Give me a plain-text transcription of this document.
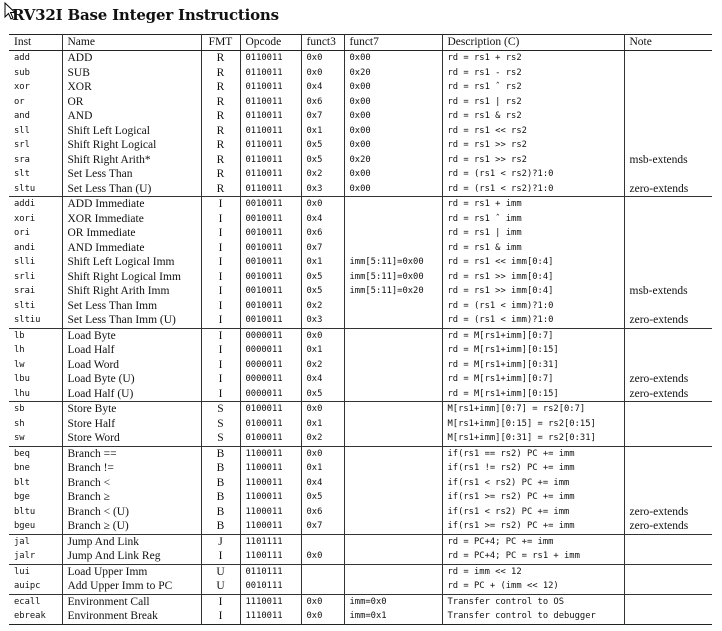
RV32I Base Integer Instructions
Inst	Name	FMT	Opcode	funct3	funct7	Description (C)	Note
add	ADD	R	0110011	0x0	0x00	rd = rs1 + rs2	
sub	SUB	R	0110011	0x0	0x20	rd = rs1 - rs2	
xor	XOR	R	0110011	0x4	0x00	rd = rs1 ˆ rs2	
or	OR	R	0110011	0x6	0x00	rd = rs1 | rs2	
and	AND	R	0110011	0x7	0x00	rd = rs1 & rs2	
sll	Shift Left Logical	R	0110011	0x1	0x00	rd = rs1 << rs2	
srl	Shift Right Logical	R	0110011	0x5	0x00	rd = rs1 >> rs2	
sra	Shift Right Arith*	R	0110011	0x5	0x20	rd = rs1 >> rs2	msb-extends
slt	Set Less Than	R	0110011	0x2	0x00	rd = (rs1 < rs2)?1:0	
sltu	Set Less Than (U)	R	0110011	0x3	0x00	rd = (rs1 < rs2)?1:0	zero-extends
addi	ADD Immediate	I	0010011	0x0		rd = rs1 + imm	
xori	XOR Immediate	I	0010011	0x4		rd = rs1 ˆ imm	
ori	OR Immediate	I	0010011	0x6		rd = rs1 | imm	
andi	AND Immediate	I	0010011	0x7		rd = rs1 & imm	
slli	Shift Left Logical Imm	I	0010011	0x1	imm[5:11]=0x00	rd = rs1 << imm[0:4]	
srli	Shift Right Logical Imm	I	0010011	0x5	imm[5:11]=0x00	rd = rs1 >> imm[0:4]	
srai	Shift Right Arith Imm	I	0010011	0x5	imm[5:11]=0x20	rd = rs1 >> imm[0:4]	msb-extends
slti	Set Less Than Imm	I	0010011	0x2		rd = (rs1 < imm)?1:0	
sltiu	Set Less Than Imm (U)	I	0010011	0x3		rd = (rs1 < imm)?1:0	zero-extends
lb	Load Byte	I	0000011	0x0		rd = M[rs1+imm][0:7]	
lh	Load Half	I	0000011	0x1		rd = M[rs1+imm][0:15]	
lw	Load Word	I	0000011	0x2		rd = M[rs1+imm][0:31]	
lbu	Load Byte (U)	I	0000011	0x4		rd = M[rs1+imm][0:7]	zero-extends
lhu	Load Half (U)	I	0000011	0x5		rd = M[rs1+imm][0:15]	zero-extends
sb	Store Byte	S	0100011	0x0		M[rs1+imm][0:7] = rs2[0:7]	
sh	Store Half	S	0100011	0x1		M[rs1+imm][0:15] = rs2[0:15]	
sw	Store Word	S	0100011	0x2		M[rs1+imm][0:31] = rs2[0:31]	
beq	Branch ==	B	1100011	0x0		if(rs1 == rs2) PC += imm	
bne	Branch !=	B	1100011	0x1		if(rs1 != rs2) PC += imm	
blt	Branch <	B	1100011	0x4		if(rs1 < rs2) PC += imm	
bge	Branch ≥	B	1100011	0x5		if(rs1 >= rs2) PC += imm	
bltu	Branch < (U)	B	1100011	0x6		if(rs1 < rs2) PC += imm	zero-extends
bgeu	Branch ≥ (U)	B	1100011	0x7		if(rs1 >= rs2) PC += imm	zero-extends
jal	Jump And Link	J	1101111			rd = PC+4; PC += imm	
jalr	Jump And Link Reg	I	1100111	0x0		rd = PC+4; PC = rs1 + imm	
lui	Load Upper Imm	U	0110111			rd = imm << 12	
auipc	Add Upper Imm to PC	U	0010111			rd = PC + (imm << 12)	
ecall	Environment Call	I	1110011	0x0	imm=0x0	Transfer control to OS	
ebreak	Environment Break	I	1110011	0x0	imm=0x1	Transfer control to debugger	
